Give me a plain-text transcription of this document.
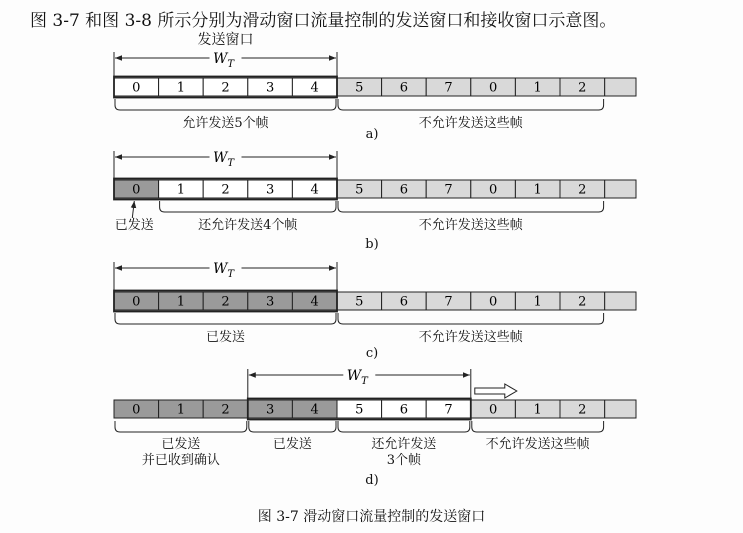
图 3-7 和图 3-8 所示分别为滑动窗口流量控制的发送窗口和接收窗口示意图。
0	1	2	3	4	5	6	7	0	1	2
$W_T$
0	1	2	3	4	5	6	7	0	1	2
$W_T$
0	1	2	3	4	5	6	7	0	1	2
$W_T$
0	1	2	3	4	5	6	7	0	1	2
$W_T$
发送窗口
允许发送5个帧	不允许发送这些帧
a)
还允许发送4个帧	不允许发送这些帧
已发送
b)
已发送	不允许发送这些帧
c)
已发送
并已收到确认
已发送	还允许发送
3个帧
不允许发送这些帧
d)
图 3-7 滑动窗口流量控制的发送窗口
